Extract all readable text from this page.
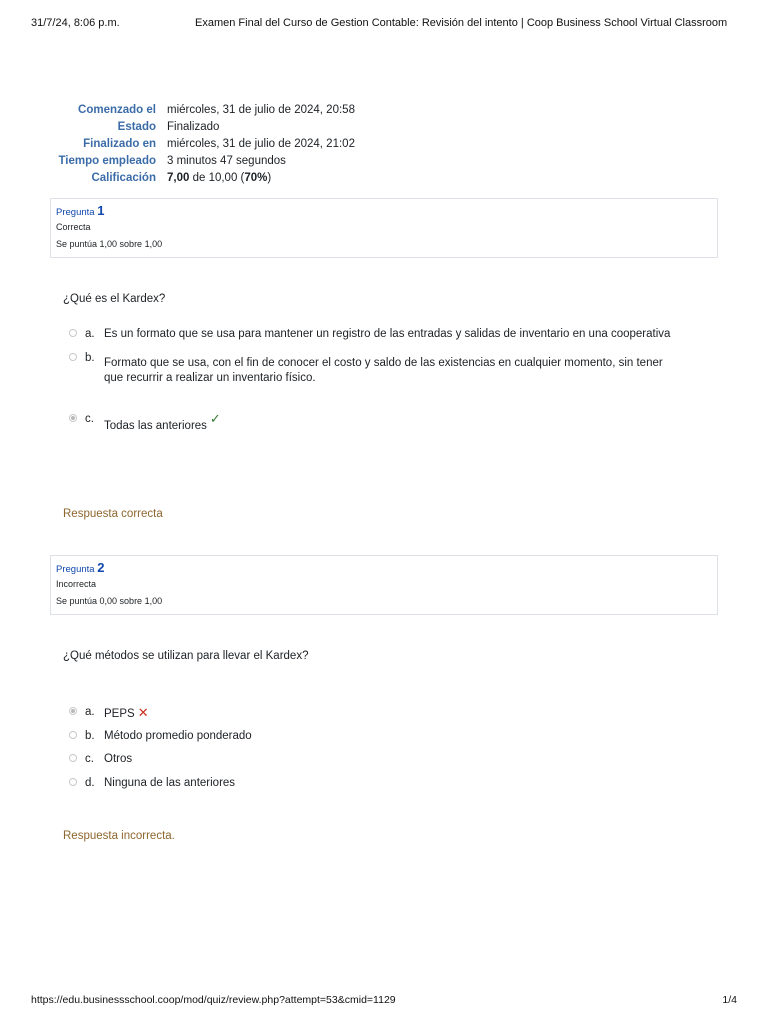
31/7/24, 8:06 p.m.	Examen Final del Curso de Gestion Contable: Revisión del intento | Coop Business School Virtual Classroom
Comenzado el miércoles, 31 de julio de 2024, 20:58
Estado Finalizado
Finalizado en miércoles, 31 de julio de 2024, 21:02
Tiempo empleado 3 minutos 47 segundos
Calificación 7,00 de 10,00 (70%)
Pregunta 1
Correcta
Se puntúa 1,00 sobre 1,00
¿Qué es el Kardex?
a. Es un formato que se usa para mantener un registro de las entradas y salidas de inventario en una cooperativa
b. Formato que se usa, con el fin de conocer el costo y saldo de las existencias en cualquier momento, sin tener que recurrir a realizar un inventario físico.
c.
Todas las anteriores ✓
Respuesta correcta
Pregunta 2
Incorrecta
Se puntúa 0,00 sobre 1,00
¿Qué métodos se utilizan para llevar el Kardex?
a. PEPS ✕
b. Método promedio ponderado
c. Otros
d. Ninguna de las anteriores
Respuesta incorrecta.
https://edu.businessschool.coop/mod/quiz/review.php?attempt=53&cmid=1129	1/4
